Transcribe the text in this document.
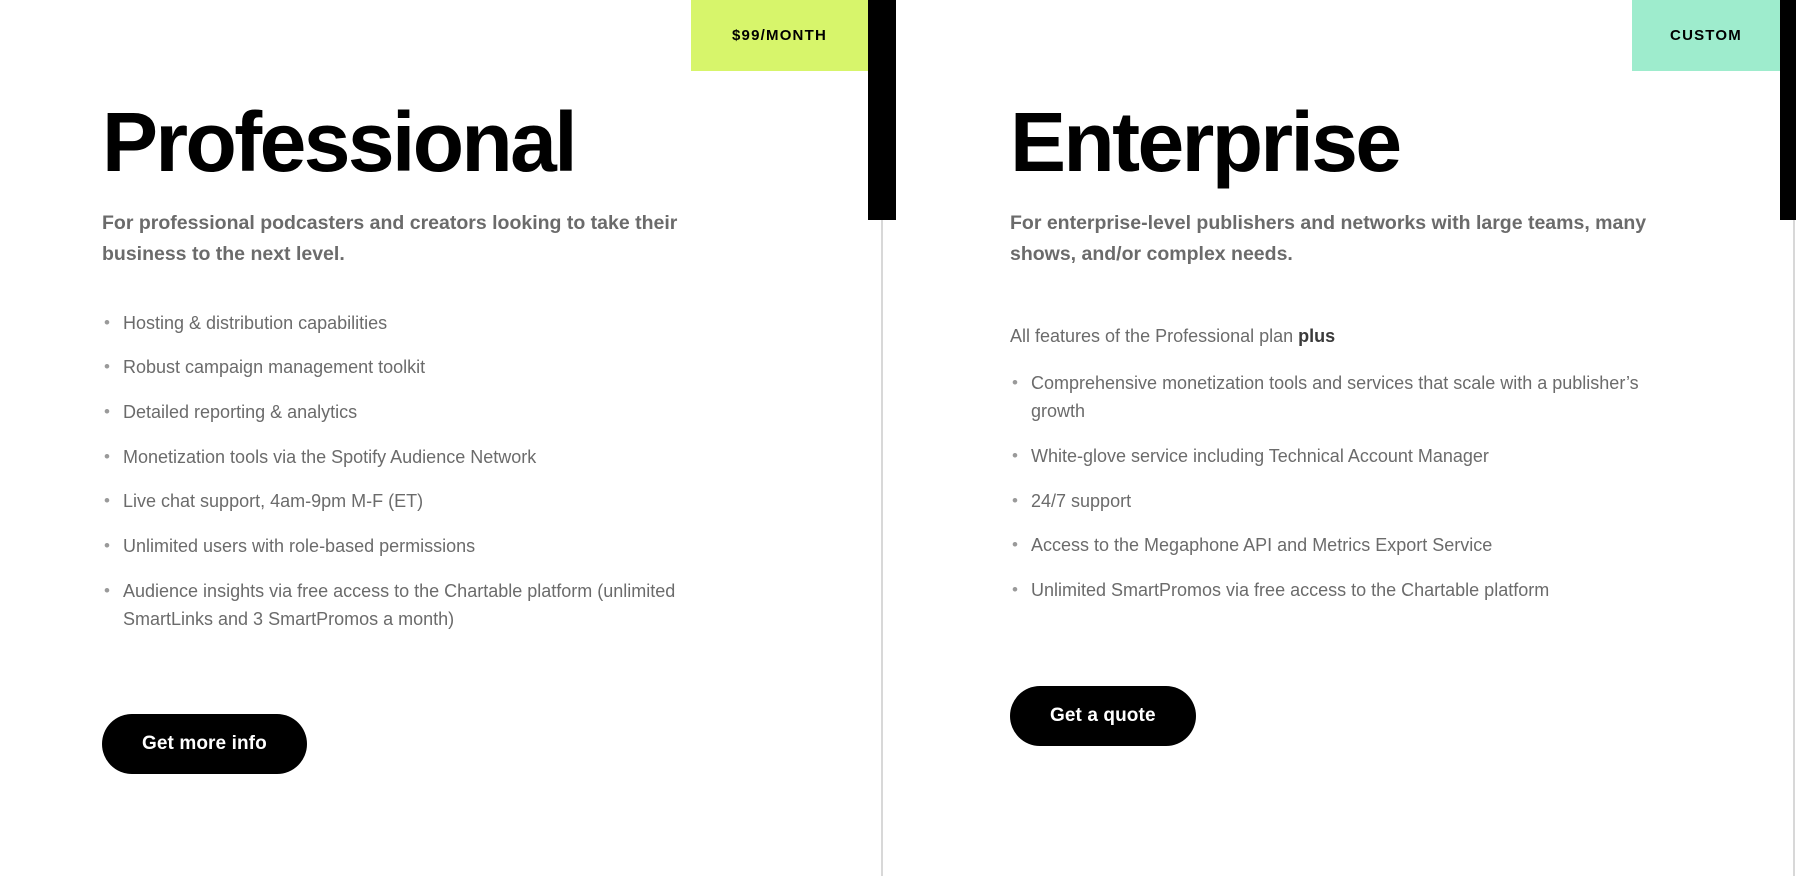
$99/MONTH	CUSTOM
Professional

For professional podcasters and creators looking to take their business to the next level.

• Hosting & distribution capabilities
• Robust campaign management toolkit
• Detailed reporting & analytics
• Monetization tools via the Spotify Audience Network
• Live chat support, 4am-9pm M-F (ET)
• Unlimited users with role-based permissions
• Audience insights via free access to the Chartable platform (unlimited SmartLinks and 3 SmartPromos a month)
Get more info
Enterprise

For enterprise-level publishers and networks with large teams, many shows, and/or complex needs.

All features of the Professional plan plus

• Comprehensive monetization tools and services that scale with a publisher’s growth
• White-glove service including Technical Account Manager
• 24/7 support
• Access to the Megaphone API and Metrics Export Service
• Unlimited SmartPromos via free access to the Chartable platform
Get a quote
